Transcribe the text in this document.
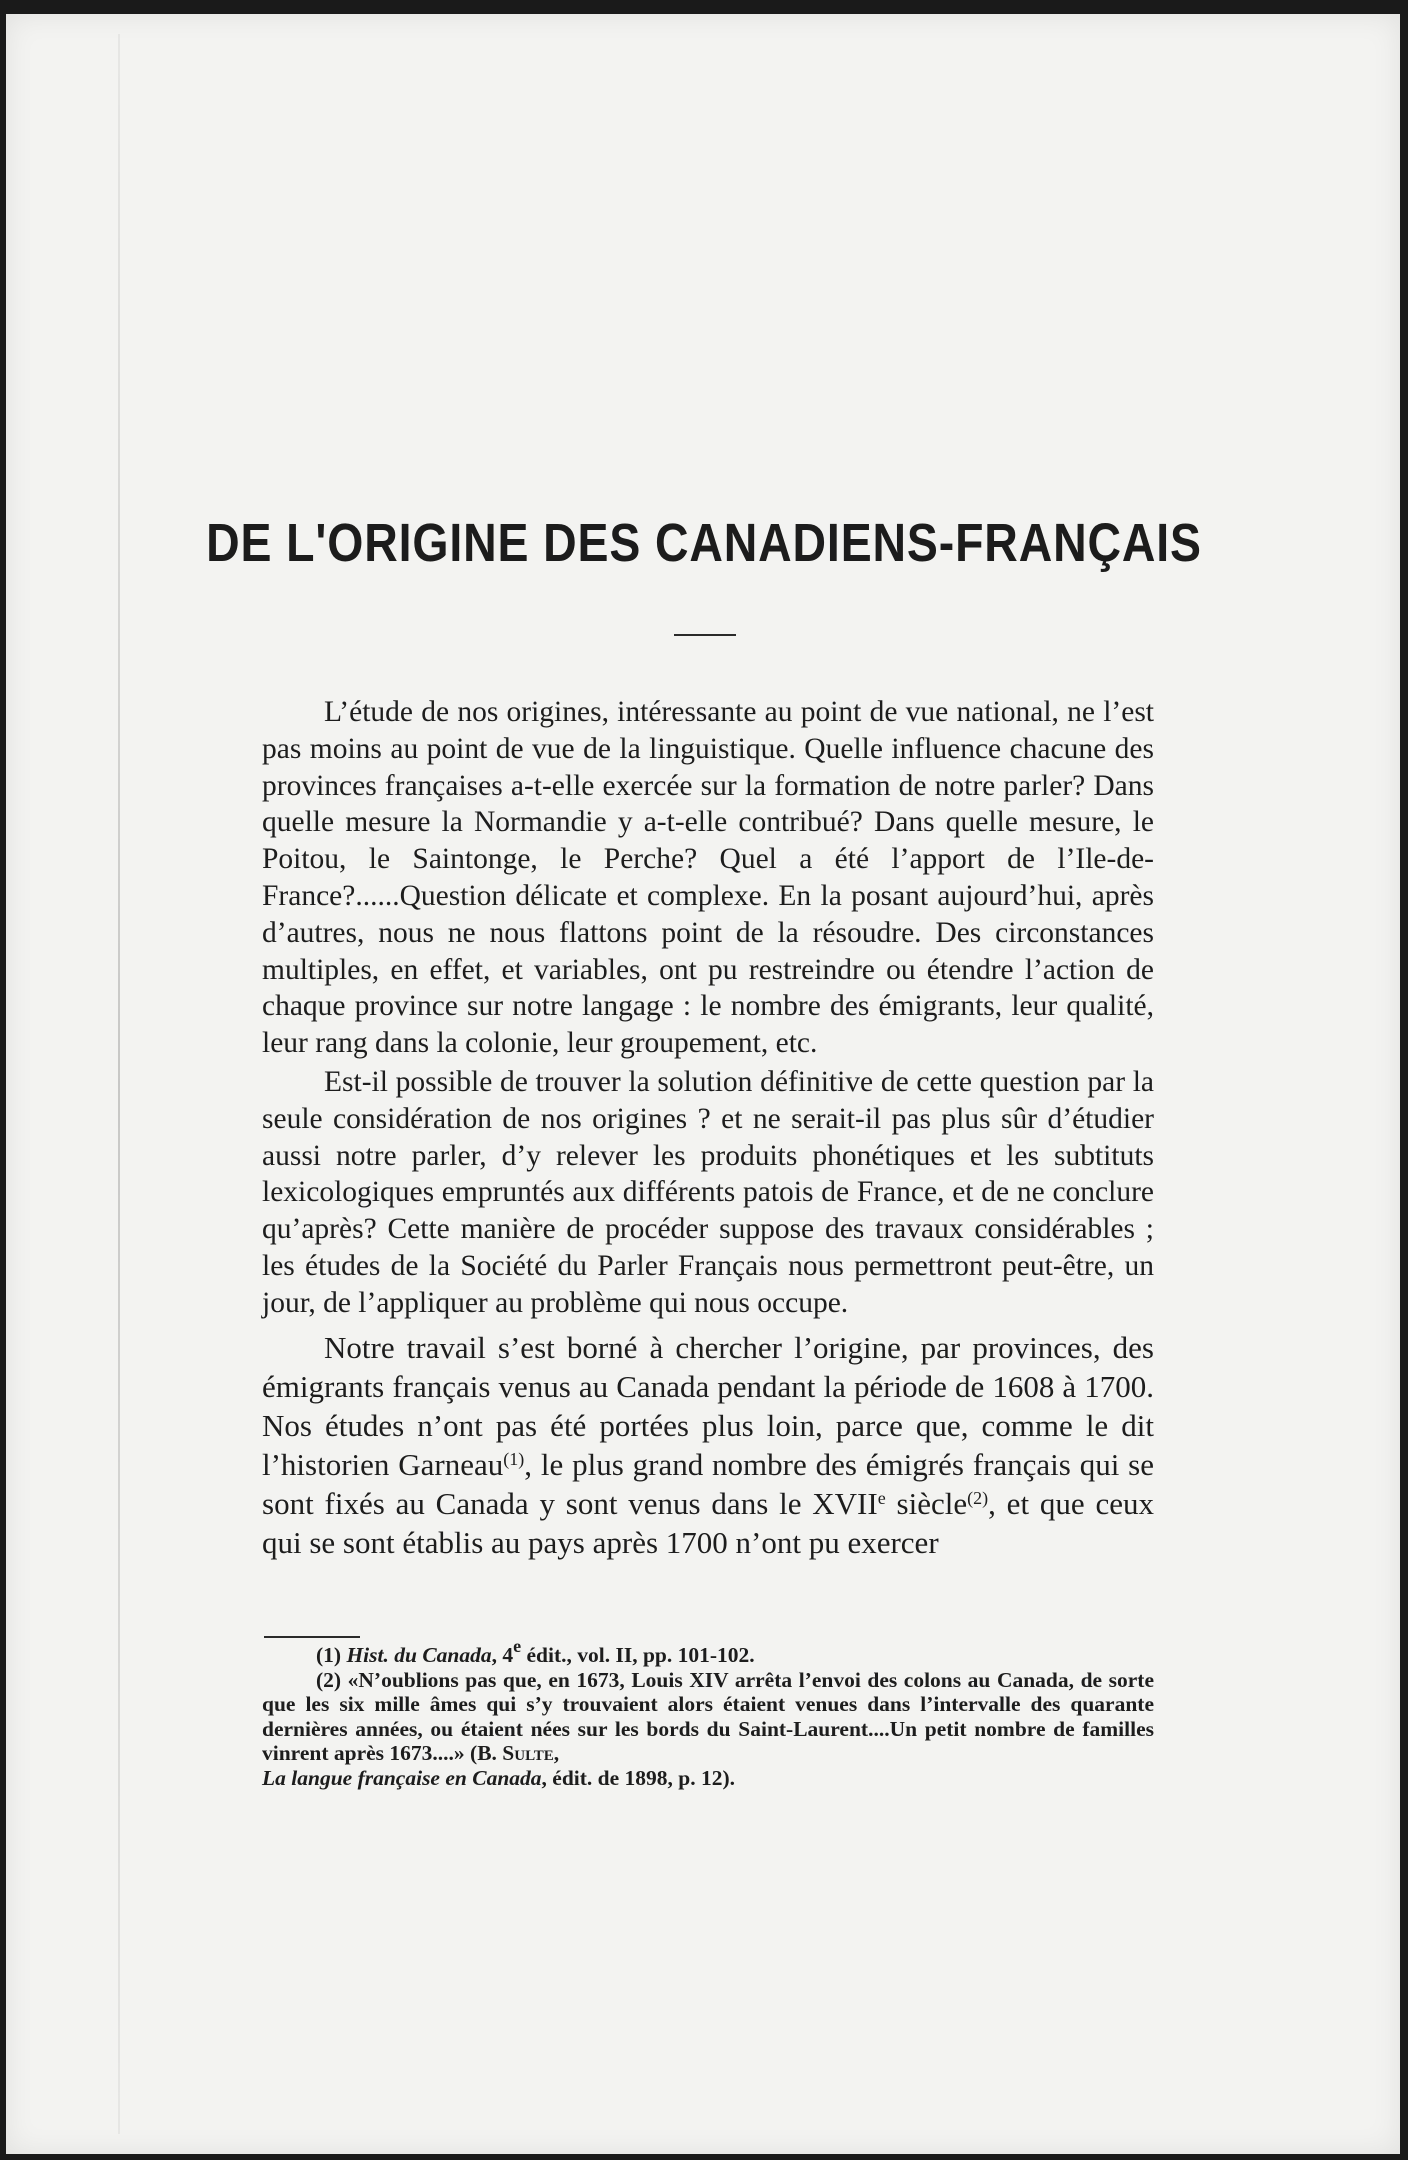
DE L'ORIGINE DES CANADIENS-FRANÇAIS

L’étude de nos origines, intéressante au point de vue national, ne l’est pas moins au point de vue de la linguistique. Quelle influence chacune des provinces françaises a-t-elle exercée sur la formation de notre parler? Dans quelle mesure la Normandie y a-t-elle contribué? Dans quelle mesure, le Poitou, le Saintonge, le Perche? Quel a été l’apport de l’Ile-de-France?......Question délicate et complexe. En la posant aujourd’hui, après d’autres, nous ne nous flattons point de la résoudre. Des circonstances multiples, en effet, et variables, ont pu restreindre ou étendre l’action de chaque province sur notre langage : le nombre des émigrants, leur qualité, leur rang dans la colonie, leur groupement, etc.

Est-il possible de trouver la solution définitive de cette question par la seule considération de nos origines ? et ne serait-il pas plus sûr d’étudier aussi notre parler, d’y relever les produits phonétiques et les subtituts lexicologiques empruntés aux différents patois de France, et de ne conclure qu’après? Cette manière de procéder suppose des travaux considérables ; les études de la Société du Parler Français nous permettront peut-être, un jour, de l’appliquer au problème qui nous occupe.

Notre travail s’est borné à chercher l’origine, par provinces, des émigrants français venus au Canada pendant la période de 1608 à 1700. Nos études n’ont pas été portées plus loin, parce que, comme le dit l’historien Garneau$^{(1)}$, le plus grand nombre des émigrés français qui se sont fixés au Canada y sont venus dans le XVIIe siècle$^{(2)}$, et que ceux qui se sont établis au pays après 1700 n’ont pu exercer

(1) Hist. du Canada, 4e édit., vol. II, pp. 101-102.

(2) «N’oublions pas que, en 1673, Louis XIV arrêta l’envoi des colons au Canada, de sorte que les six mille âmes qui s’y trouvaient alors étaient venues dans l’intervalle des quarante dernières années, ou étaient nées sur les bords du Saint-Laurent....Un petit nombre de familles vinrent après 1673....» (B. Sulte,
La langue française en Canada, édit. de 1898, p. 12).
